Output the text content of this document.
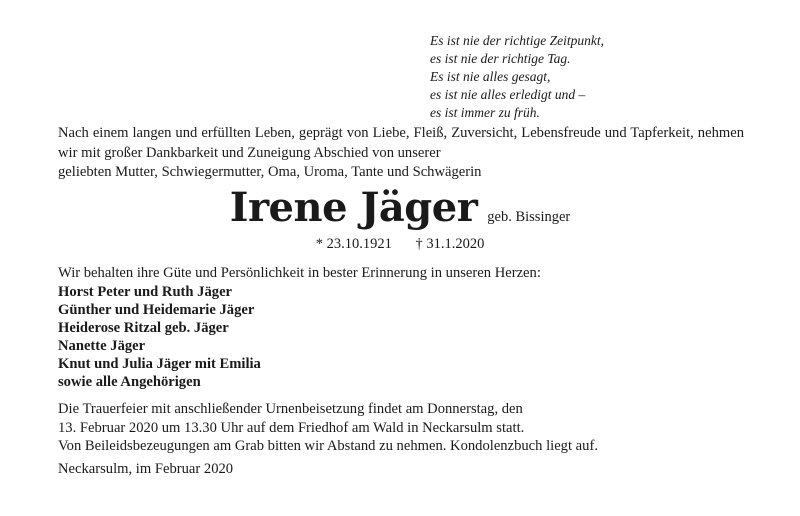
Es ist nie der richtige Zeitpunkt,
es ist nie der richtige Tag.
Es ist nie alles gesagt,
es ist nie alles erledigt und –
es ist immer zu früh.
Nach einem langen und erfüllten Leben, geprägt von Liebe, Fleiß, Zuversicht, Lebensfreude und Tapferkeit, nehmen wir mit großer Dankbarkeit und Zuneigung Abschied von unserer
geliebten Mutter, Schwiegermutter, Oma, Uroma, Tante und Schwägerin
Irene Jäger geb. Bissinger
* 23.10.1921 † 31.1.2020
Wir behalten ihre Güte und Persönlichkeit in bester Erinnerung in unseren Herzen:
Horst Peter und Ruth Jäger
Günther und Heidemarie Jäger
Heiderose Ritzal geb. Jäger
Nanette Jäger
Knut und Julia Jäger mit Emilia
sowie alle Angehörigen
Die Trauerfeier mit anschließender Urnenbeisetzung findet am Donnerstag, den
13. Februar 2020 um 13.30 Uhr auf dem Friedhof am Wald in Neckarsulm statt.
Von Beileidsbezeugungen am Grab bitten wir Abstand zu nehmen. Kondolenzbuch liegt auf.
Neckarsulm, im Februar 2020
